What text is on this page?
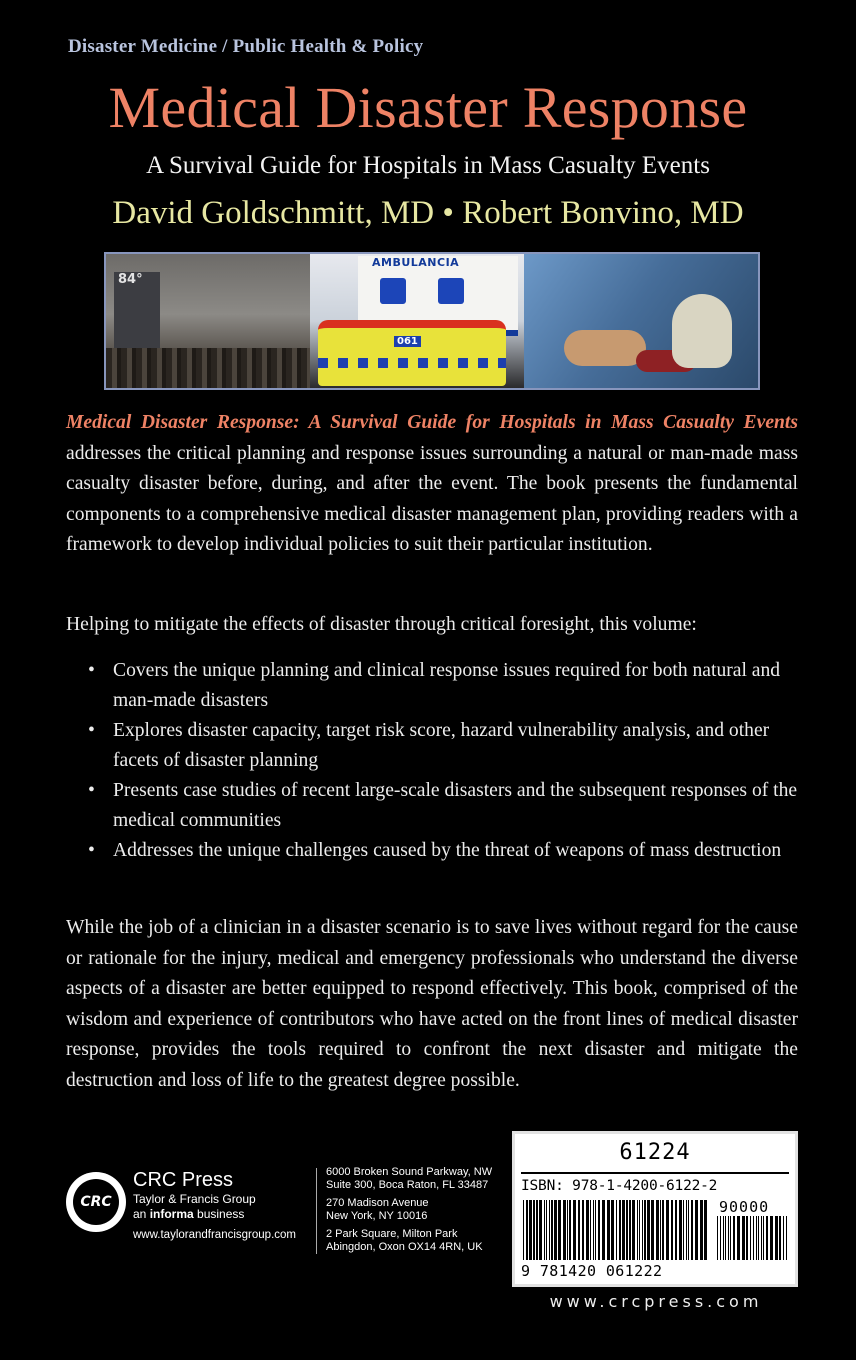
Disaster Medicine / Public Health & Policy
Medical Disaster Response
A Survival Guide for Hospitals in Mass Casualty Events
David Goldschmitt, MD • Robert Bonvino, MD
84°
AMBULANCIA
061
Medical Disaster Response: A Survival Guide for Hospitals in Mass Casualty Events addresses the critical planning and response issues surrounding a natural or man-made mass casualty disaster before, during, and after the event. The book presents the fundamental components to a comprehensive medical disaster management plan, providing readers with a framework to develop individual policies to suit their particular institution.
Helping to mitigate the effects of disaster through critical foresight, this volume:
• Covers the unique planning and clinical response issues required for both natural and man-made disasters
• Explores disaster capacity, target risk score, hazard vulnerability analysis, and other facets of disaster planning
• Presents case studies of recent large-scale disasters and the subsequent responses of the medical communities
• Addresses the unique challenges caused by the threat of weapons of mass destruction
While the job of a clinician in a disaster scenario is to save lives without regard for the cause or rationale for the injury, medical and emergency professionals who understand the diverse aspects of a disaster are better equipped to respond effectively. This book, comprised of the wisdom and experience of contributors who have acted on the front lines of medical disaster response, provides the tools required to confront the next disaster and mitigate the destruction and loss of life to the greatest degree possible.
CRC
CRC Press
Taylor & Francis Group
an informa business
www.taylorandfrancisgroup.com
6000 Broken Sound Parkway, NW
Suite 300, Boca Raton, FL 33487
270 Madison Avenue
New York, NY 10016
2 Park Square, Milton Park
Abingdon, Oxon OX14 4RN, UK
61224
ISBN: 978-1-4200-6122-2
90000
9 781420 061222
www.crcpress.com
